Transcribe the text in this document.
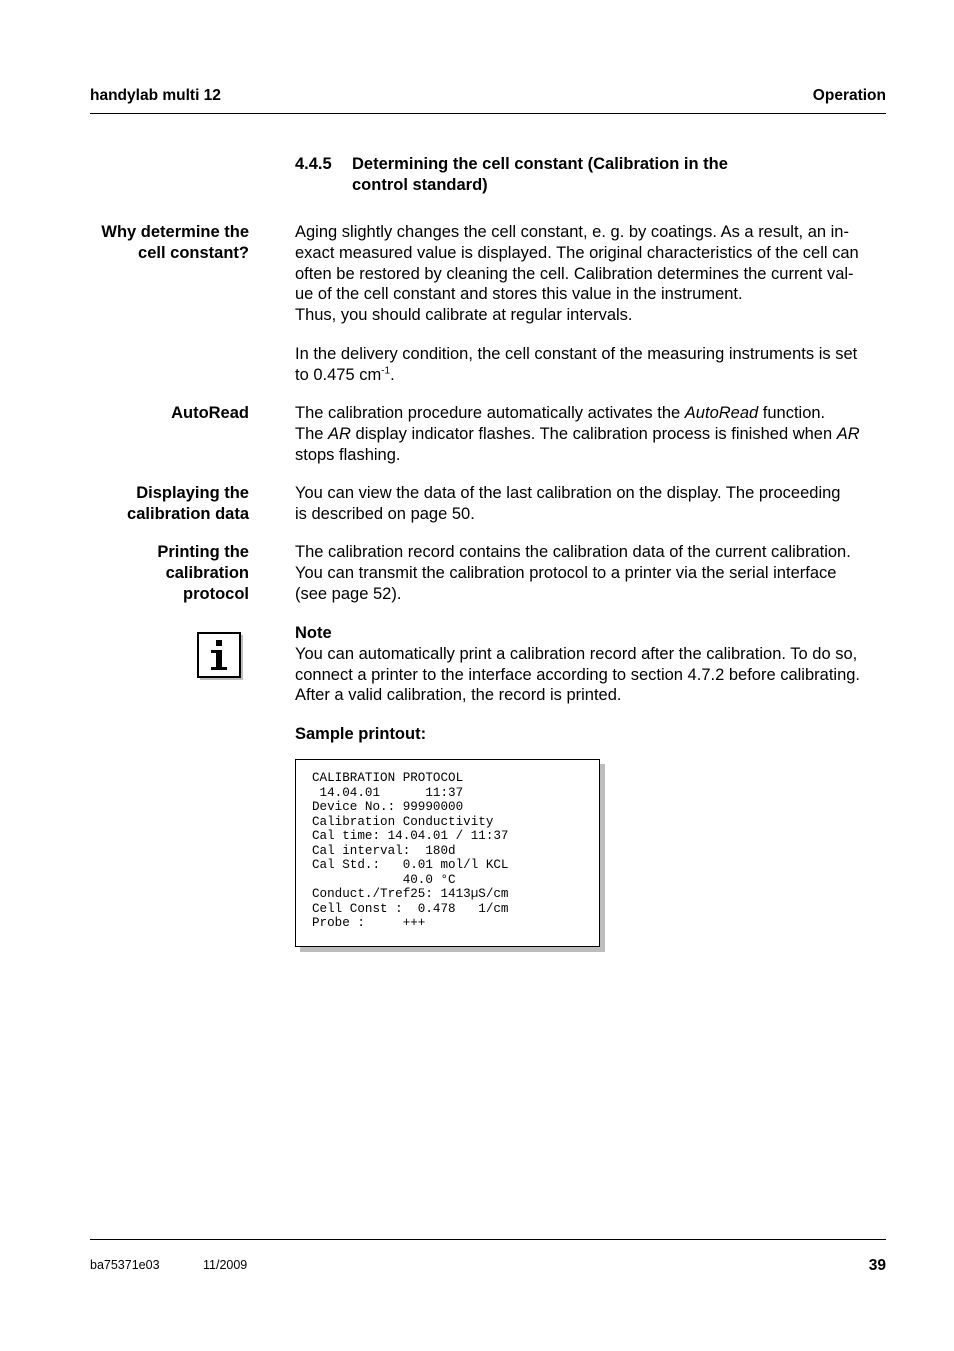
handylab multi 12	Operation
4.4.5 Determining the cell constant (Calibration in the
control standard)
Why determine the
cell constant?
Aging slightly changes the cell constant, e. g. by coatings. As a result, an in-
exact measured value is displayed. The original characteristics of the cell can
often be restored by cleaning the cell. Calibration determines the current val-
ue of the cell constant and stores this value in the instrument.
Thus, you should calibrate at regular intervals.
In the delivery condition, the cell constant of the measuring instruments is set
to 0.475 $cm^{-1}$.
AutoRead	The calibration procedure automatically activates the AutoRead function.
The AR display indicator flashes. The calibration process is finished when AR
stops flashing.
Displaying the
calibration data
You can view the data of the last calibration on the display. The proceeding
is described on page 50.
Printing the
calibration
protocol
The calibration record contains the calibration data of the current calibration.
You can transmit the calibration protocol to a printer via the serial interface
(see page 52).
Note
You can automatically print a calibration record after the calibration. To do so,
connect a printer to the interface according to section 4.7.2 before calibrating.
After a valid calibration, the record is printed.
Sample printout:
CALIBRATION PROTOCOL
14.04.01      11:37
Device No.: 99990000
Calibration Conductivity
Cal time: 14.04.01 / 11:37
Cal interval:  180d
Cal Std.:   0.01 mol/l KCL
40.0 °C
Conduct./Tref25: 1413µS/cm
Cell Const :  0.478   1/cm
Probe :     +++
ba75371e03	11/2009	39
